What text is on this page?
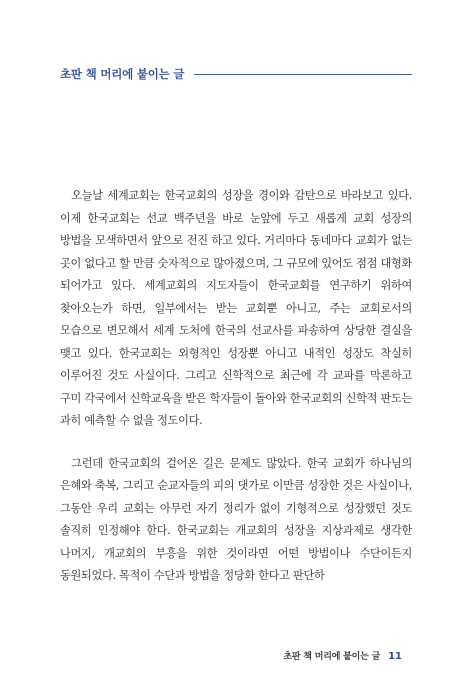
초판 책 머리에 붙이는 글

오늘날 세계교회는 한국교회의 성장을 경이와 감탄으로 바라보고 있다. 이제 한국교회는 선교 백주년을 바로 눈앞에 두고 새롭게 교회 성장의 방법을 모색하면서 앞으로 전진 하고 있다. 거리마다 동네마다 교회가 없는 곳이 없다고 할 만큼 숫자적으로 많아졌으며, 그 규모에 있어도 점점 대형화 되어가고 있다. 세계교회의 지도자들이 한국교회를 연구하기 위하여 찾아오는가 하면, 일부에서는 받는 교회뿐 아니고, 주는 교회로서의 모습으로 변모해서 세계 도처에 한국의 선교사를 파송하여 상당한 결실을 맺고 있다. 한국교회는 외형적인 성장뿐 아니고 내적인 성장도 착실히 이루어진 것도 사실이다. 그리고 신학적으로 최근에 각 교파를 막론하고 구미 각국에서 신학교육을 받은 학자들이 돌아와 한국교회의 신학적 판도는 과히 예측할 수 없을 정도이다.

그런데 한국교회의 걸어온 길은 문제도 많았다. 한국 교회가 하나님의 은혜와 축복, 그리고 순교자들의 피의 댓가로 이만큼 성장한 것은 사실이나, 그동안 우리 교회는 아무런 자기 정리가 없이 기형적으로 성장했던 것도 솔직히 인정해야 한다. 한국교회는 개교회의 성장을 지상과제로 생각한 나머지, 개교회의 부흥을 위한 것이라면 어떤 방법이나 수단이든지 동원되었다. 목적이 수단과 방법을 정당화 한다고 판단하

초판 책 머리에 붙이는 글 11
